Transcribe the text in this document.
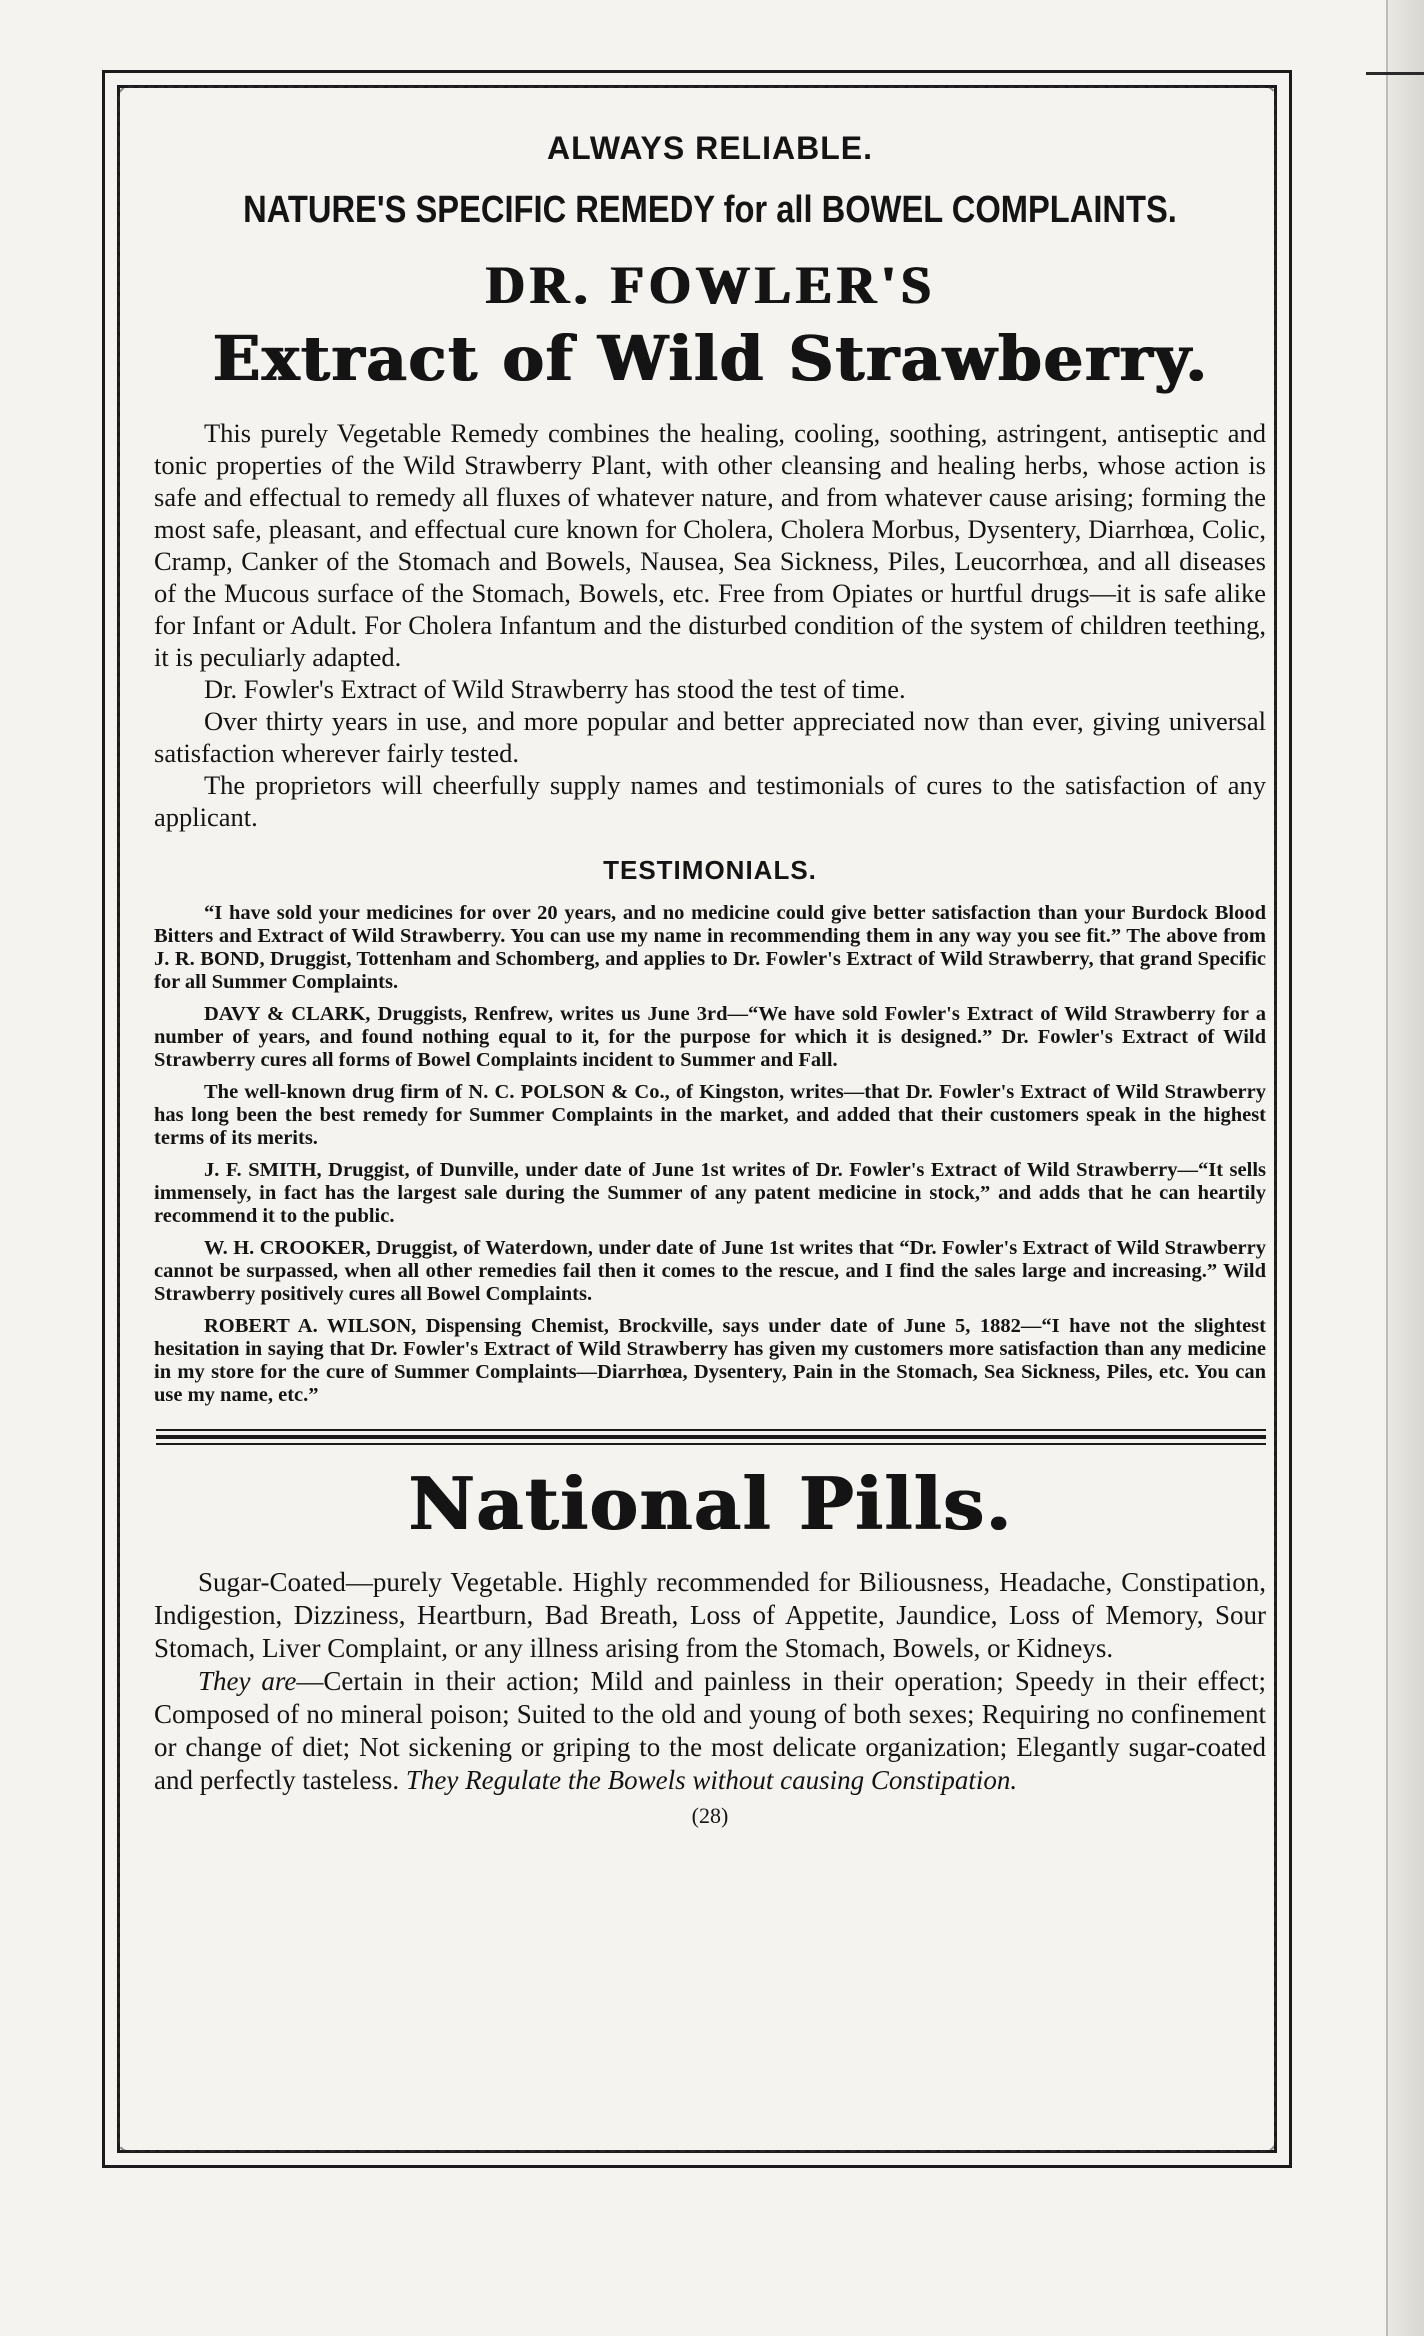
ALWAYS RELIABLE.
NATURE'S SPECIFIC REMEDY for all BOWEL COMPLAINTS.
DR. FOWLER'S
Extract of Wild Strawberry.

This purely Vegetable Remedy combines the healing, cooling, soothing, astringent, antiseptic and tonic properties of the Wild Strawberry Plant, with other cleansing and healing herbs, whose action is safe and effectual to remedy all fluxes of whatever nature, and from whatever cause arising; forming the most safe, pleasant, and effectual cure known for Cholera, Cholera Morbus, Dysentery, Diarrhœa, Colic, Cramp, Canker of the Stomach and Bowels, Nausea, Sea Sickness, Piles, Leucorrhœa, and all diseases of the Mucous surface of the Stomach, Bowels, etc. Free from Opiates or hurtful drugs—it is safe alike for Infant or Adult. For Cholera Infantum and the disturbed condition of the system of children teething, it is peculiarly adapted.

Dr. Fowler's Extract of Wild Strawberry has stood the test of time.

Over thirty years in use, and more popular and better appreciated now than ever, giving universal satisfaction wherever fairly tested.

The proprietors will cheerfully supply names and testimonials of cures to the satisfaction of any applicant.

TESTIMONIALS.

“I have sold your medicines for over 20 years, and no medicine could give better satisfaction than your Burdock Blood Bitters and Extract of Wild Strawberry. You can use my name in recommending them in any way you see fit.” The above from J. R. BOND, Druggist, Tottenham and Schomberg, and applies to Dr. Fowler's Extract of Wild Strawberry, that grand Specific for all Summer Complaints.

DAVY & CLARK, Druggists, Renfrew, writes us June 3rd—“We have sold Fowler's Extract of Wild Strawberry for a number of years, and found nothing equal to it, for the purpose for which it is designed.” Dr. Fowler's Extract of Wild Strawberry cures all forms of Bowel Complaints incident to Summer and Fall.

The well-known drug firm of N. C. POLSON & Co., of Kingston, writes—that Dr. Fowler's Extract of Wild Strawberry has long been the best remedy for Summer Complaints in the market, and added that their customers speak in the highest terms of its merits.

J. F. SMITH, Druggist, of Dunville, under date of June 1st writes of Dr. Fowler's Extract of Wild Strawberry—“It sells immensely, in fact has the largest sale during the Summer of any patent medicine in stock,” and adds that he can heartily recommend it to the public.

W. H. CROOKER, Druggist, of Waterdown, under date of June 1st writes that “Dr. Fowler's Extract of Wild Strawberry cannot be surpassed, when all other remedies fail then it comes to the rescue, and I find the sales large and increasing.” Wild Strawberry positively cures all Bowel Complaints.

ROBERT A. WILSON, Dispensing Chemist, Brockville, says under date of June 5, 1882—“I have not the slightest hesitation in saying that Dr. Fowler's Extract of Wild Strawberry has given my customers more satisfaction than any medicine in my store for the cure of Summer Complaints—Diarrhœa, Dysentery, Pain in the Stomach, Sea Sickness, Piles, etc. You can use my name, etc.”

National Pills.

Sugar-Coated—purely Vegetable. Highly recommended for Biliousness, Headache, Constipation, Indigestion, Dizziness, Heartburn, Bad Breath, Loss of Appetite, Jaundice, Loss of Memory, Sour Stomach, Liver Complaint, or any illness arising from the Stomach, Bowels, or Kidneys.

They are—Certain in their action; Mild and painless in their operation; Speedy in their effect; Composed of no mineral poison; Suited to the old and young of both sexes; Requiring no confinement or change of diet; Not sickening or griping to the most delicate organization; Elegantly sugar-coated and perfectly tasteless. They Regulate the Bowels without causing Constipation.

(28)
